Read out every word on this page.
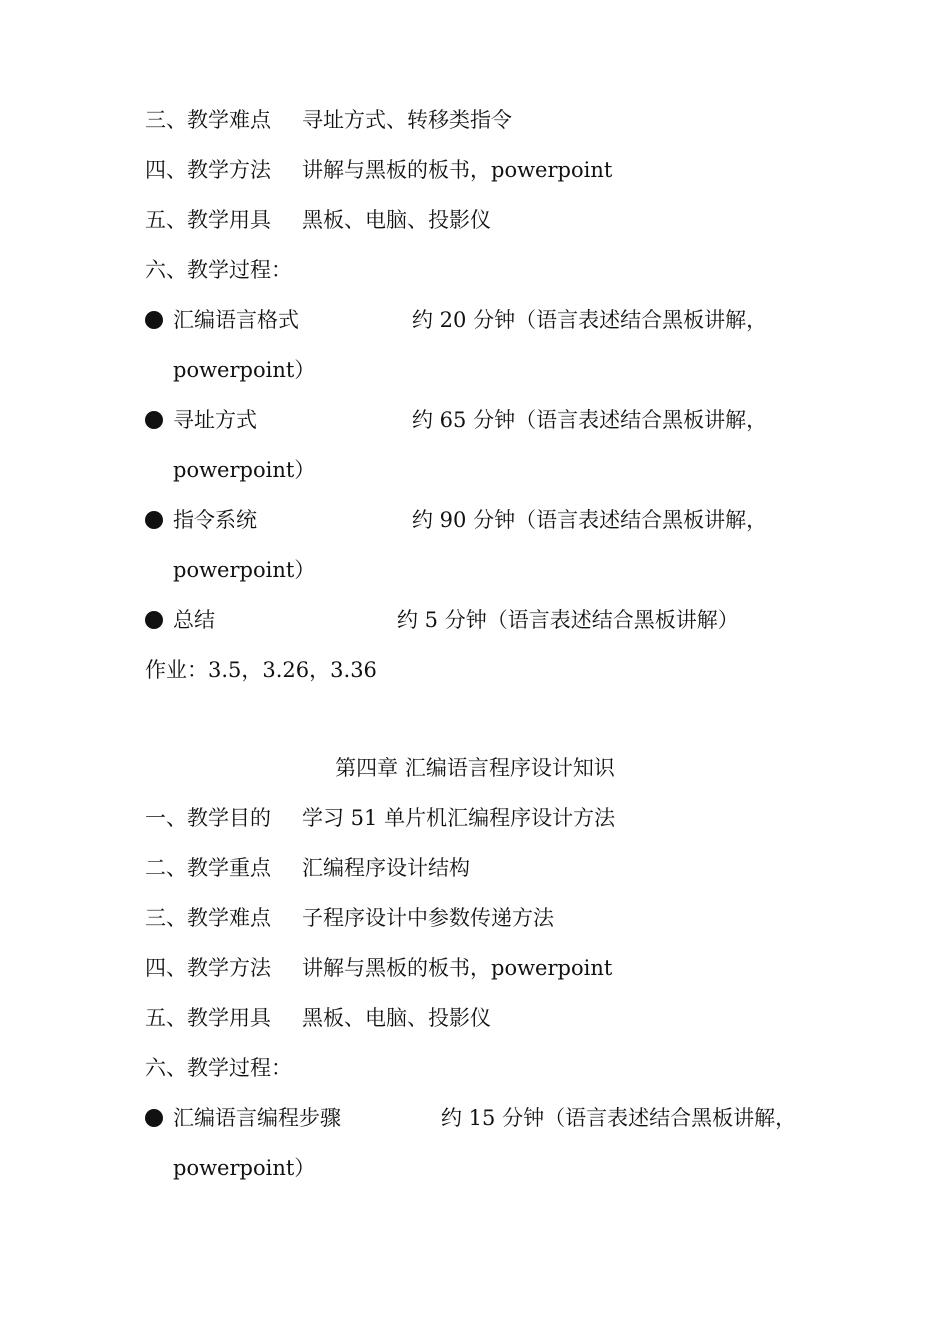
三、教学难点 寻址方式、转移类指令
四、教学方法 讲解与黑板的板书，powerpoint
五、教学用具 黑板、电脑、投影仪
六、教学过程：
汇编语言格式	约 20 分钟（语言表述结合黑板讲解，
powerpoint）
寻址方式	约 65 分钟（语言表述结合黑板讲解，
powerpoint）
指令系统	约 90 分钟（语言表述结合黑板讲解，
powerpoint）
总结	约 5 分钟（语言表述结合黑板讲解）
作业：3.5，3.26，3.36
第四章 汇编语言程序设计知识
一、教学目的 学习 51 单片机汇编程序设计方法
二、教学重点 汇编程序设计结构
三、教学难点 子程序设计中参数传递方法
四、教学方法 讲解与黑板的板书，powerpoint
五、教学用具 黑板、电脑、投影仪
六、教学过程：
汇编语言编程步骤	约 15 分钟（语言表述结合黑板讲解，
powerpoint）
